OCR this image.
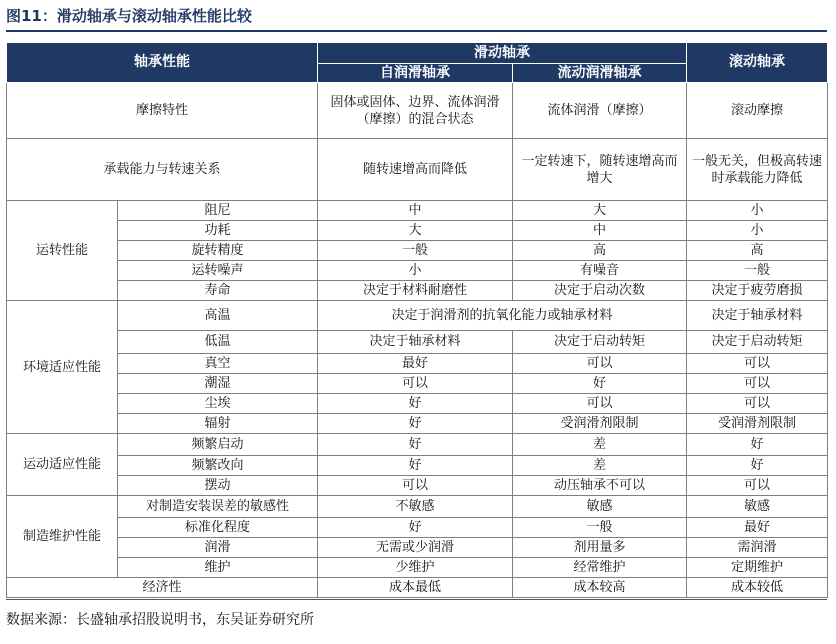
图11：滑动轴承与滚动轴承性能比较
轴承性能		滑动轴承		滚动轴承
		自润滑轴承	流动润滑轴承	
摩擦特性		固体或固体、边界、流体润滑（摩擦）的混合状态	流体润滑（摩擦）	滚动摩擦
承载能力与转速关系		随转速增高而降低	一定转速下，随转速增高而增大	一般无关，但极高转速时承载能力降低
运转性能	阻尼	中	大	小
	功耗	大	中	小
	旋转精度	一般	高	高
	运转噪声	小	有噪音	一般
	寿命	决定于材料耐磨性	决定于启动次数	决定于疲劳磨损
环境适应性能	高温	决定于润滑剂的抗氧化能力或轴承材料		决定于轴承材料
	低温	决定于轴承材料	决定于启动转矩	决定于启动转矩
	真空	最好	可以	可以
	潮湿	可以	好	可以
	尘埃	好	可以	可以
	辐射	好	受润滑剂限制	受润滑剂限制
运动适应性能	频繁启动	好	差	好
	频繁改向	好	差	好
	摆动	可以	动压轴承不可以	可以
制造维护性能	对制造安装误差的敏感性	不敏感	敏感	敏感
	标准化程度	好	一般	最好
	润滑	无需或少润滑	剂用量多	需润滑
	维护	少维护	经常维护	定期维护
经济性		成本最低	成本较高	成本较低
数据来源：长盛轴承招股说明书，东吴证券研究所
